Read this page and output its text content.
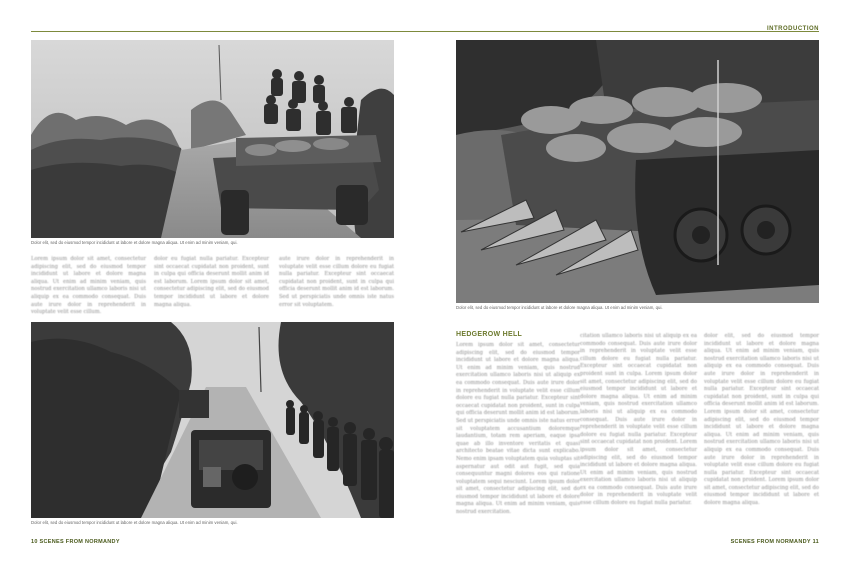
INTRODUCTION
Dolor elit, sed do eiusmod tempor incididunt ut labore et dolore magna aliqua. Ut enim ad minim veniam, qui.
Lorem ipsum dolor sit amet, consectetur adipiscing elit, sed do eiusmod tempor incididunt ut labore et dolore magna aliqua. Ut enim ad minim veniam, quis nostrud exercitation ullamco laboris nisi ut aliquip ex ea commodo consequat. Duis aute irure dolor in reprehenderit in voluptate velit esse cillum.
dolor eu fugiat nulla pariatur. Excepteur sint occaecat cupidatat non proident, sunt in culpa qui officia deserunt mollit anim id est laborum. Lorem ipsum dolor sit amet, consectetur adipiscing elit, sed do eiusmod tempor incididunt ut labore et dolore magna aliqua.
aute irure dolor in reprehenderit in voluptate velit esse cillum dolore eu fugiat nulla pariatur. Excepteur sint occaecat cupidatat non proident, sunt in culpa qui officia deserunt mollit anim id est laborum. Sed ut perspiciatis unde omnis iste natus error sit voluptatem.
Dolor elit, sed do eiusmod tempor incididunt ut labore et dolore magna aliqua. Ut enim ad minim veniam, qui.
Dolor elit, sed do eiusmod tempor incididunt ut labore et dolore magna aliqua. Ut enim ad minim veniam, qui.
HEDGEROW HELL
Lorem ipsum dolor sit amet, consectetur adipiscing elit, sed do eiusmod tempor incididunt ut labore et dolore magna aliqua. Ut enim ad minim veniam, quis nostrud exercitation ullamco laboris nisi ut aliquip ex ea commodo consequat. Duis aute irure dolor in reprehenderit in voluptate velit esse cillum dolore eu fugiat nulla pariatur. Excepteur sint occaecat cupidatat non proident, sunt in culpa qui officia deserunt mollit anim id est laborum. Sed ut perspiciatis unde omnis iste natus error sit voluptatem accusantium doloremque laudantium, totam rem aperiam, eaque ipsa quae ab illo inventore veritatis et quasi architecto beatae vitae dicta sunt explicabo. Nemo enim ipsam voluptatem quia voluptas sit aspernatur aut odit aut fugit, sed quia consequuntur magni dolores eos qui ratione voluptatem sequi nesciunt. Lorem ipsum dolor sit amet, consectetur adipiscing elit, sed do eiusmod tempor incididunt ut labore et dolore magna aliqua. Ut enim ad minim veniam, quis nostrud exercitation.
citation ullamco laboris nisi ut aliquip ex ea commodo consequat. Duis aute irure dolor in reprehenderit in voluptate velit esse cillum dolore eu fugiat nulla pariatur. Excepteur sint occaecat cupidatat non proident sunt in culpa. Lorem ipsum dolor sit amet, consectetur adipiscing elit, sed do eiusmod tempor incididunt ut labore et dolore magna aliqua. Ut enim ad minim veniam, quis nostrud exercitation ullamco laboris nisi ut aliquip ex ea commodo consequat. Duis aute irure dolor in reprehenderit in voluptate velit esse cillum dolore eu fugiat nulla pariatur. Excepteur sint occaecat cupidatat non proident. Lorem ipsum dolor sit amet, consectetur adipiscing elit, sed do eiusmod tempor incididunt ut labore et dolore magna aliqua. Ut enim ad minim veniam, quis nostrud exercitation ullamco laboris nisi ut aliquip ex ea commodo consequat. Duis aute irure dolor in reprehenderit in voluptate velit esse cillum dolore eu fugiat nulla pariatur.
dolor elit, sed do eiusmod tempor incididunt ut labore et dolore magna aliqua. Ut enim ad minim veniam, quis nostrud exercitation ullamco laboris nisi ut aliquip ex ea commodo consequat. Duis aute irure dolor in reprehenderit in voluptate velit esse cillum dolore eu fugiat nulla pariatur. Excepteur sint occaecat cupidatat non proident, sunt in culpa qui officia deserunt mollit anim id est laborum. Lorem ipsum dolor sit amet, consectetur adipiscing elit, sed do eiusmod tempor incididunt ut labore et dolore magna aliqua. Ut enim ad minim veniam, quis nostrud exercitation ullamco laboris nisi ut aliquip ex ea commodo consequat. Duis aute irure dolor in reprehenderit in voluptate velit esse cillum dolore eu fugiat nulla pariatur. Excepteur sint occaecat cupidatat non proident. Lorem ipsum dolor sit amet, consectetur adipiscing elit, sed do eiusmod tempor incididunt ut labore et dolore magna aliqua.
10 SCENES FROM NORMANDY	SCENES FROM NORMANDY 11
